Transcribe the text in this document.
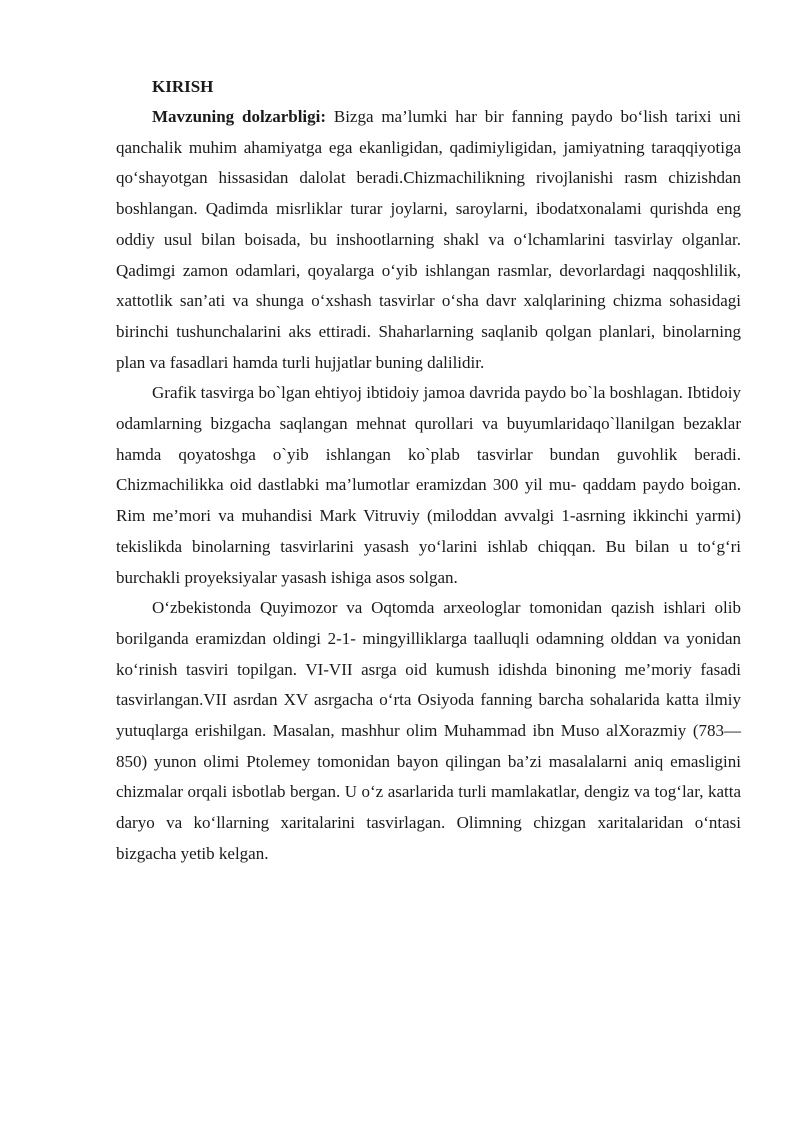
KIRISH

Mavzuning dolzarbligi: Bizga ma’lumki har bir fanning paydo bo‘lish tarixi uni qanchalik muhim ahamiyatga ega ekanligidan, qadimiyligidan, jamiyatning taraqqiyotiga qo‘shayotgan hissasidan dalolat beradi.Chizmachilikning rivojlanishi rasm chizishdan boshlangan. Qadimda misrliklar turar joylarni, saroylarni, ibodatxonalami qurishda eng oddiy usul bilan boisada, bu inshootlarning shakl va o‘lchamlarini tasvirlay olganlar. Qadimgi zamon odamlari, qoyalarga o‘yib ishlangan rasmlar, devorlardagi naqqoshlilik, xattotlik san’ati va shunga o‘xshash tasvirlar o‘sha davr xalqlarining chizma sohasidagi birinchi tushunchalarini aks ettiradi. Shaharlarning saqlanib qolgan planlari, binolarning plan va fasadlari hamda turli hujjatlar buning dalilidir.

Grafik tasvirga bo`lgan ehtiyoj ibtidoiy jamoa davrida paydo bo`la boshlagan. Ibtidoiy odamlarning bizgacha saqlangan mehnat qurollari va buyumlaridaqo`llanilgan bezaklar hamda qoyatoshga o`yib ishlangan ko`plab tasvirlar bundan guvohlik beradi. Chizmachilikka oid dastlabki ma’lumotlar eramizdan 300 yil mu- qaddam paydo boigan. Rim me’mori va muhandisi Mark Vitruviy (miloddan avvalgi 1-asrning ikkinchi yarmi) tekislikda binolarning tasvirlarini yasash yo‘larini ishlab chiqqan. Bu bilan u to‘g‘ri burchakli proyeksiyalar yasash ishiga asos solgan.

O‘zbekistonda Quyimozor va Oqtomda arxeologlar tomonidan qazish ishlari olib borilganda eramizdan oldingi 2-1- mingyilliklarga taalluqli odamning olddan va yonidan ko‘rinish tasviri topilgan. VI-VII asrga oid kumush idishda binoning me’moriy fasadi tasvirlangan.VII asrdan XV asrgacha o‘rta Osiyoda fanning barcha sohalarida katta ilmiy yutuqlarga erishilgan. Masalan, mashhur olim Muhammad ibn Muso alXorazmiy (783—850) yunon olimi Ptolemey tomonidan bayon qilingan ba’zi masalalarni aniq emasligini chizmalar orqali isbotlab bergan. U o‘z asarlarida turli mamlakatlar, dengiz va tog‘lar, katta daryo va ko‘llarning xaritalarini tasvirlagan. Olimning chizgan xaritalaridan o‘ntasi bizgacha yetib kelgan.
